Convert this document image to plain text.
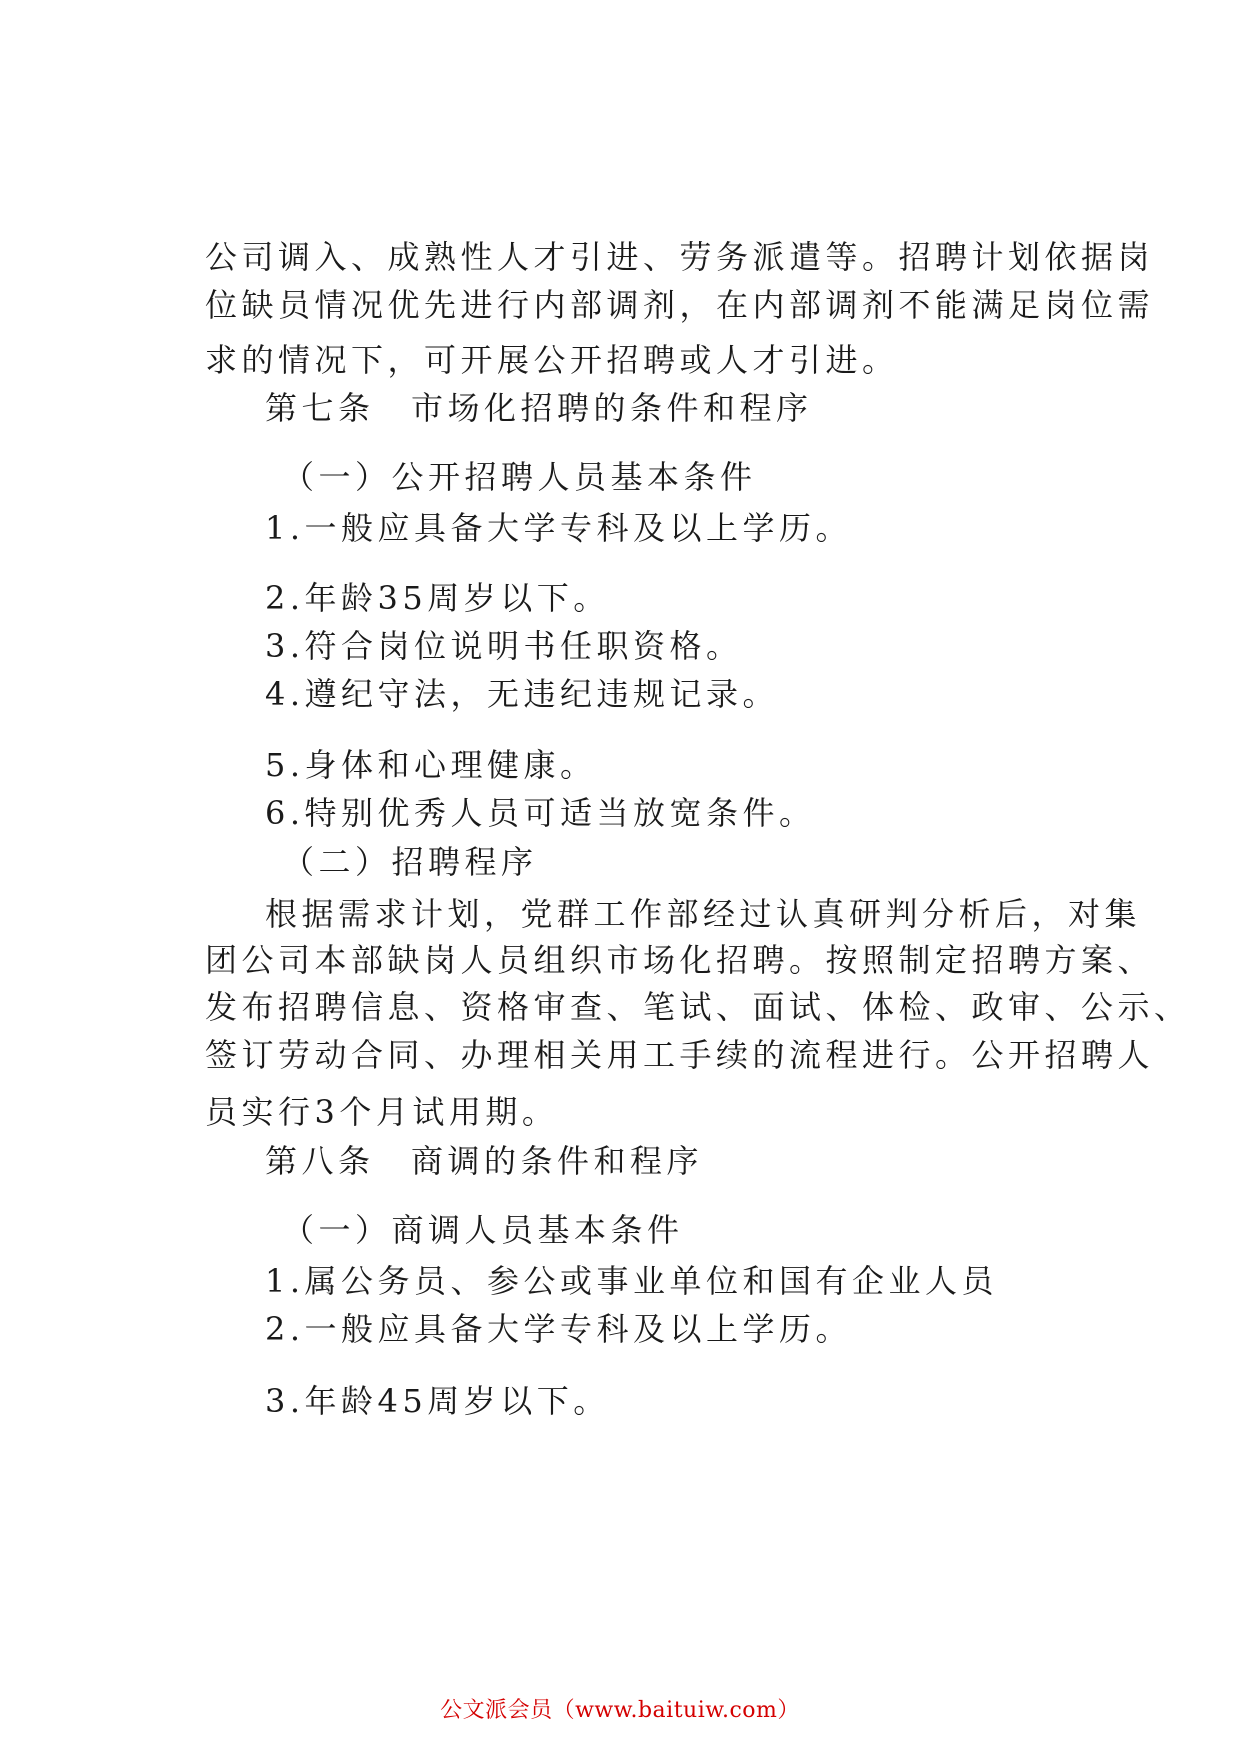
公司调入、成熟性人才引进、劳务派遣等。招聘计划依据岗
位缺员情况优先进行内部调剂，在内部调剂不能满足岗位需
求的情况下，可开展公开招聘或人才引进。
第七条　市场化招聘的条件和程序
（一）公开招聘人员基本条件
1.一般应具备大学专科及以上学历。
2.年龄35周岁以下。
3.符合岗位说明书任职资格。
4.遵纪守法，无违纪违规记录。
5.身体和心理健康。
6.特别优秀人员可适当放宽条件。
（二）招聘程序
根据需求计划，党群工作部经过认真研判分析后，对集
团公司本部缺岗人员组织市场化招聘。按照制定招聘方案、
发布招聘信息、资格审查、笔试、面试、体检、政审、公示、
签订劳动合同、办理相关用工手续的流程进行。公开招聘人
员实行3个月试用期。
第八条　商调的条件和程序
（一）商调人员基本条件
1.属公务员、参公或事业单位和国有企业人员
2.一般应具备大学专科及以上学历。
3.年龄45周岁以下。
公文派会员（www.baituiw.com）
